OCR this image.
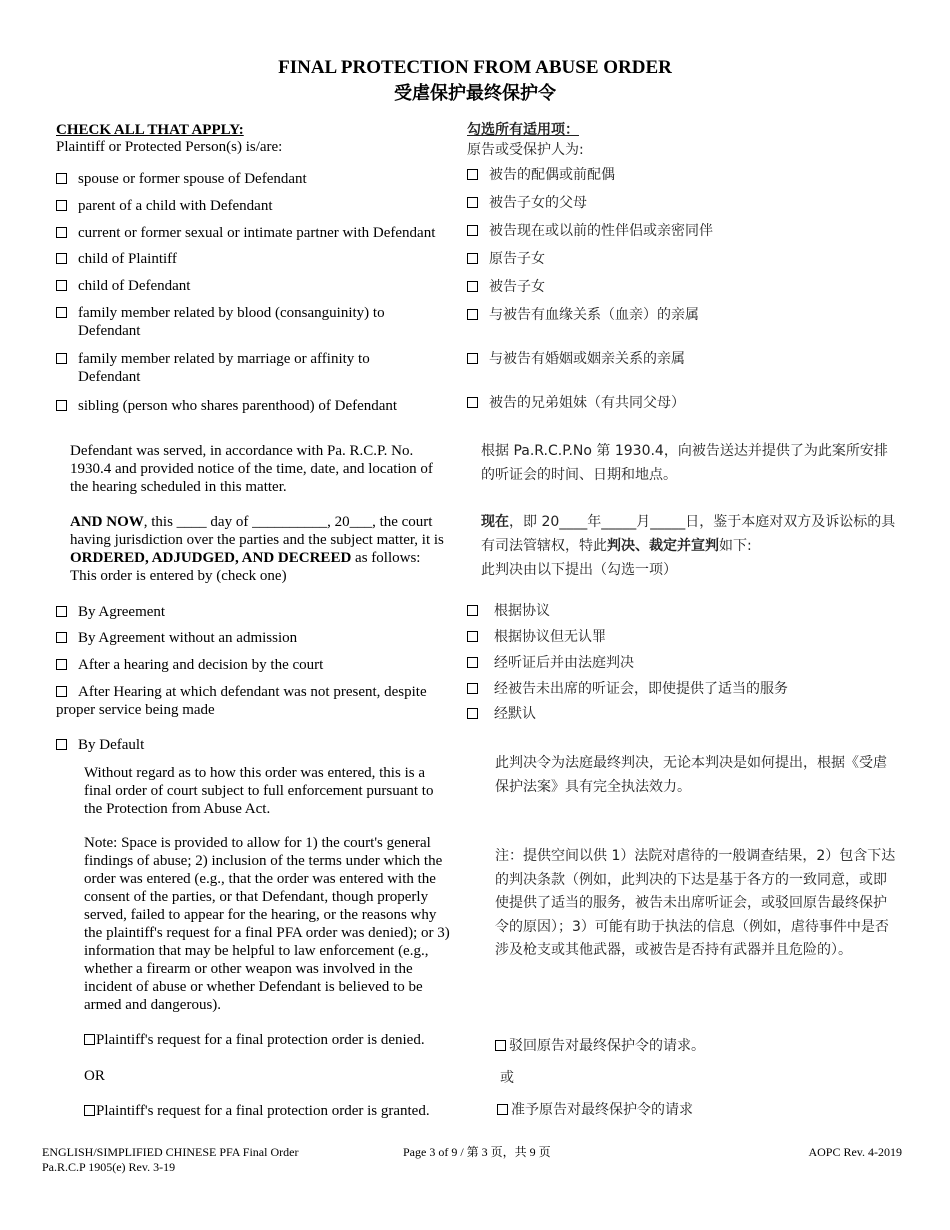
FINAL PROTECTION FROM ABUSE ORDER
受虐保护最终保护令
CHECK ALL THAT APPLY:
Plaintiff or Protected Person(s) is/are:
勾选所有适用项：
原告或受保护人为:
spouse or former spouse of Defendant
parent of a child with Defendant
current or former sexual or intimate partner with Defendant
child of Plaintiff
child of Defendant
family member related by blood (consanguinity) to Defendant
family member related by marriage or affinity to Defendant
sibling (person who shares parenthood) of Defendant
被告的配偶或前配偶
被告子女的父母
被告现在或以前的性伴侣或亲密同伴
原告子女
被告子女
与被告有血缘关系（血亲）的亲属
与被告有婚姻或姻亲关系的亲属
被告的兄弟姐妹（有共同父母）
Defendant was served, in accordance with Pa. R.C.P. No. 1930.4 and provided notice of the time, date, and location of the hearing scheduled in this matter.
根据 Pa.R.C.P.No 第 1930.4，向被告送达并提供了为此案所安排的听证会的时间、日期和地点。
AND NOW, this ____ day of __________, 20___, the court having jurisdiction over the parties and the subject matter, it is ORDERED, ADJUDGED, AND DECREED as follows: This order is entered by (check one)
现在，即 20____年_____月_____日，鉴于本庭对双方及诉讼标的具有司法管辖权，特此判决、裁定并宣判如下:
此判决由以下提出（勾选一项）
By Agreement
By Agreement without an admission
After a hearing and decision by the court
After Hearing at which defendant was not present, despite proper service being made
By Default
根据协议
根据协议但无认罪
经听证后并由法庭判决
经被告未出席的听证会，即使提供了适当的服务
经默认
Without regard as to how this order was entered, this is a final order of court subject to full enforcement pursuant to the Protection from Abuse Act.
此判决令为法庭最终判决，无论本判决是如何提出，根据《受虐保护法案》具有完全执法效力。
Note: Space is provided to allow for 1) the court's general findings of abuse; 2) inclusion of the terms under which the order was entered (e.g., that the order was entered with the consent of the parties, or that Defendant, though properly served, failed to appear for the hearing, or the reasons why the plaintiff's request for a final PFA order was denied); or 3) information that may be helpful to law enforcement (e.g., whether a firearm or other weapon was involved in the incident of abuse or whether Defendant is believed to be armed and dangerous).
注：提供空间以供 1）法院对虐待的一般调查结果，2）包含下达的判决条款（例如，此判决的下达是基于各方的一致同意，或即使提供了适当的服务，被告未出席听证会，或驳回原告最终保护令的原因）；3）可能有助于执法的信息（例如，虐待事件中是否涉及枪支或其他武器，或被告是否持有武器并且危险的）。
Plaintiff's request for a final protection order is denied.
OR
Plaintiff's request for a final protection order is granted.
驳回原告对最终保护令的请求。
或
准予原告对最终保护令的请求
ENGLISH/SIMPLIFIED CHINESE PFA Final Order
Pa.R.C.P 1905(e) Rev. 3-19
Page 3 of 9 / 第 3 页，共 9 页	AOPC Rev. 4-2019
